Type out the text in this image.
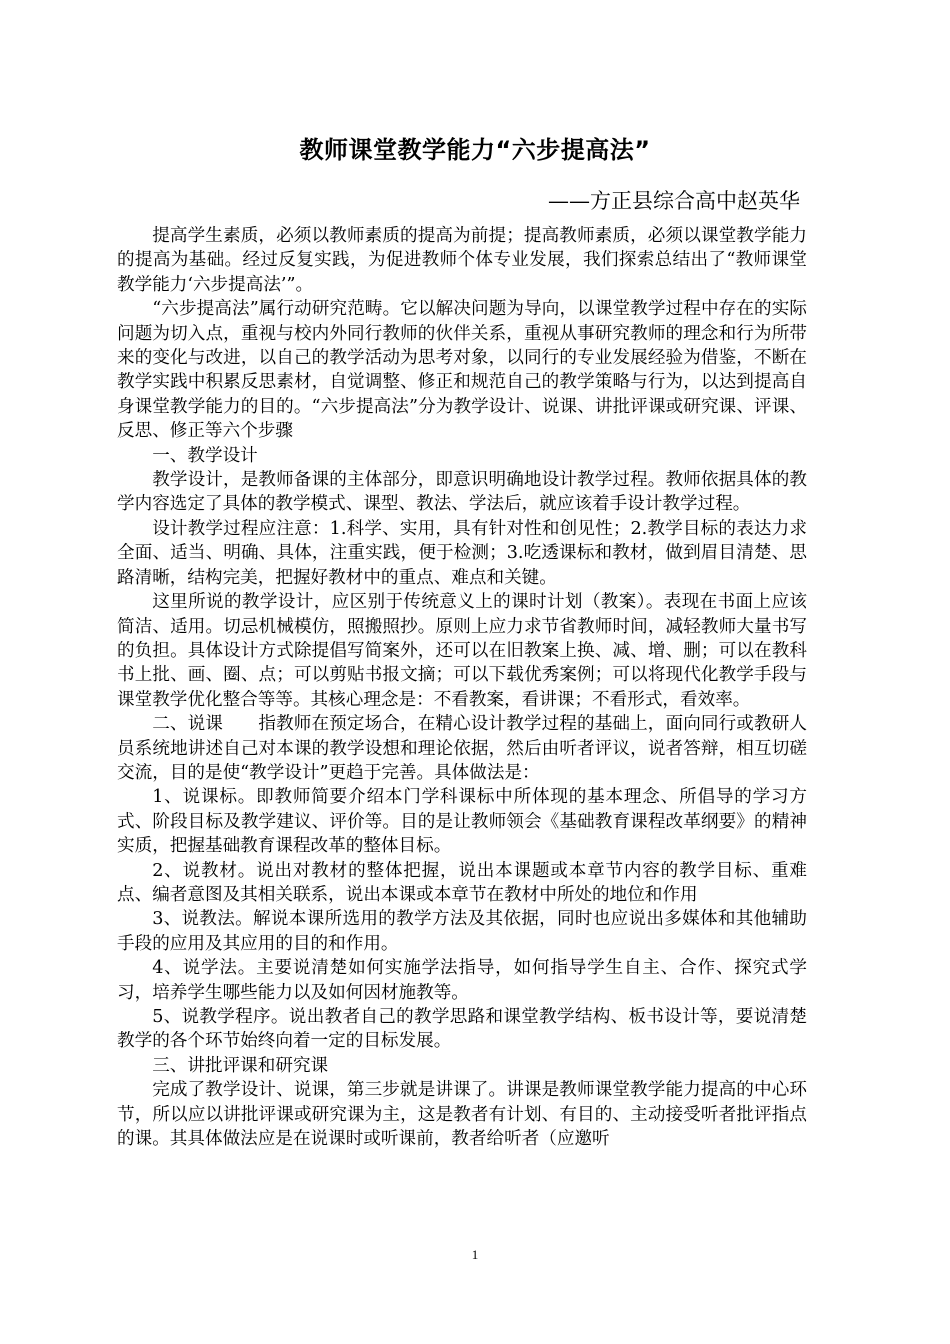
教师课堂教学能力“六步提高法”
——方正县综合高中赵英华

提高学生素质，必须以教师素质的提高为前提；提高教师素质，必须以课堂教学能力的提高为基础。经过反复实践，为促进教师个体专业发展，我们探索总结出了“教师课堂教学能力‘六步提高法’”。

“六步提高法”属行动研究范畴。它以解决问题为导向，以课堂教学过程中存在的实际问题为切入点，重视与校内外同行教师的伙伴关系，重视从事研究教师的理念和行为所带来的变化与改进，以自己的教学活动为思考对象，以同行的专业发展经验为借鉴，不断在教学实践中积累反思素材，自觉调整、修正和规范自己的教学策略与行为，以达到提高自身课堂教学能力的目的。“六步提高法”分为教学设计、说课、讲批评课或研究课、评课、反思、修正等六个步骤

一、教学设计

教学设计，是教师备课的主体部分，即意识明确地设计教学过程。教师依据具体的教学内容选定了具体的教学模式、课型、教法、学法后，就应该着手设计教学过程。

设计教学过程应注意：1.科学、实用，具有针对性和创见性；2.教学目标的表达力求全面、适当、明确、具体，注重实践，便于检测；3.吃透课标和教材，做到眉目清楚、思路清晰，结构完美，把握好教材中的重点、难点和关键。

这里所说的教学设计，应区别于传统意义上的课时计划（教案）。表现在书面上应该简洁、适用。切忌机械模仿，照搬照抄。原则上应力求节省教师时间，减轻教师大量书写的负担。具体设计方式除提倡写简案外，还可以在旧教案上换、减、增、删；可以在教科书上批、画、圈、点；可以剪贴书报文摘；可以下载优秀案例；可以将现代化教学手段与课堂教学优化整合等等。其核心理念是：不看教案，看讲课；不看形式，看效率。

二、说课　　指教师在预定场合，在精心设计教学过程的基础上，面向同行或教研人员系统地讲述自己对本课的教学设想和理论依据，然后由听者评议，说者答辩，相互切磋交流，目的是使“教学设计”更趋于完善。具体做法是：

1、说课标。即教师简要介绍本门学科课标中所体现的基本理念、所倡导的学习方式、阶段目标及教学建议、评价等。目的是让教师领会《基础教育课程改革纲要》的精神实质，把握基础教育课程改革的整体目标。

2、说教材。说出对教材的整体把握，说出本课题或本章节内容的教学目标、重难点、编者意图及其相关联系，说出本课或本章节在教材中所处的地位和作用

3、说教法。解说本课所选用的教学方法及其依据，同时也应说出多媒体和其他辅助手段的应用及其应用的目的和作用。

4、说学法。主要说清楚如何实施学法指导，如何指导学生自主、合作、探究式学习，培养学生哪些能力以及如何因材施教等。

5、说教学程序。说出教者自己的教学思路和课堂教学结构、板书设计等，要说清楚教学的各个环节始终向着一定的目标发展。

三、讲批评课和研究课

完成了教学设计、说课，第三步就是讲课了。讲课是教师课堂教学能力提高的中心环节，所以应以讲批评课或研究课为主，这是教者有计划、有目的、主动接受听者批评指点的课。其具体做法应是在说课时或听课前，教者给听者（应邀听

1
